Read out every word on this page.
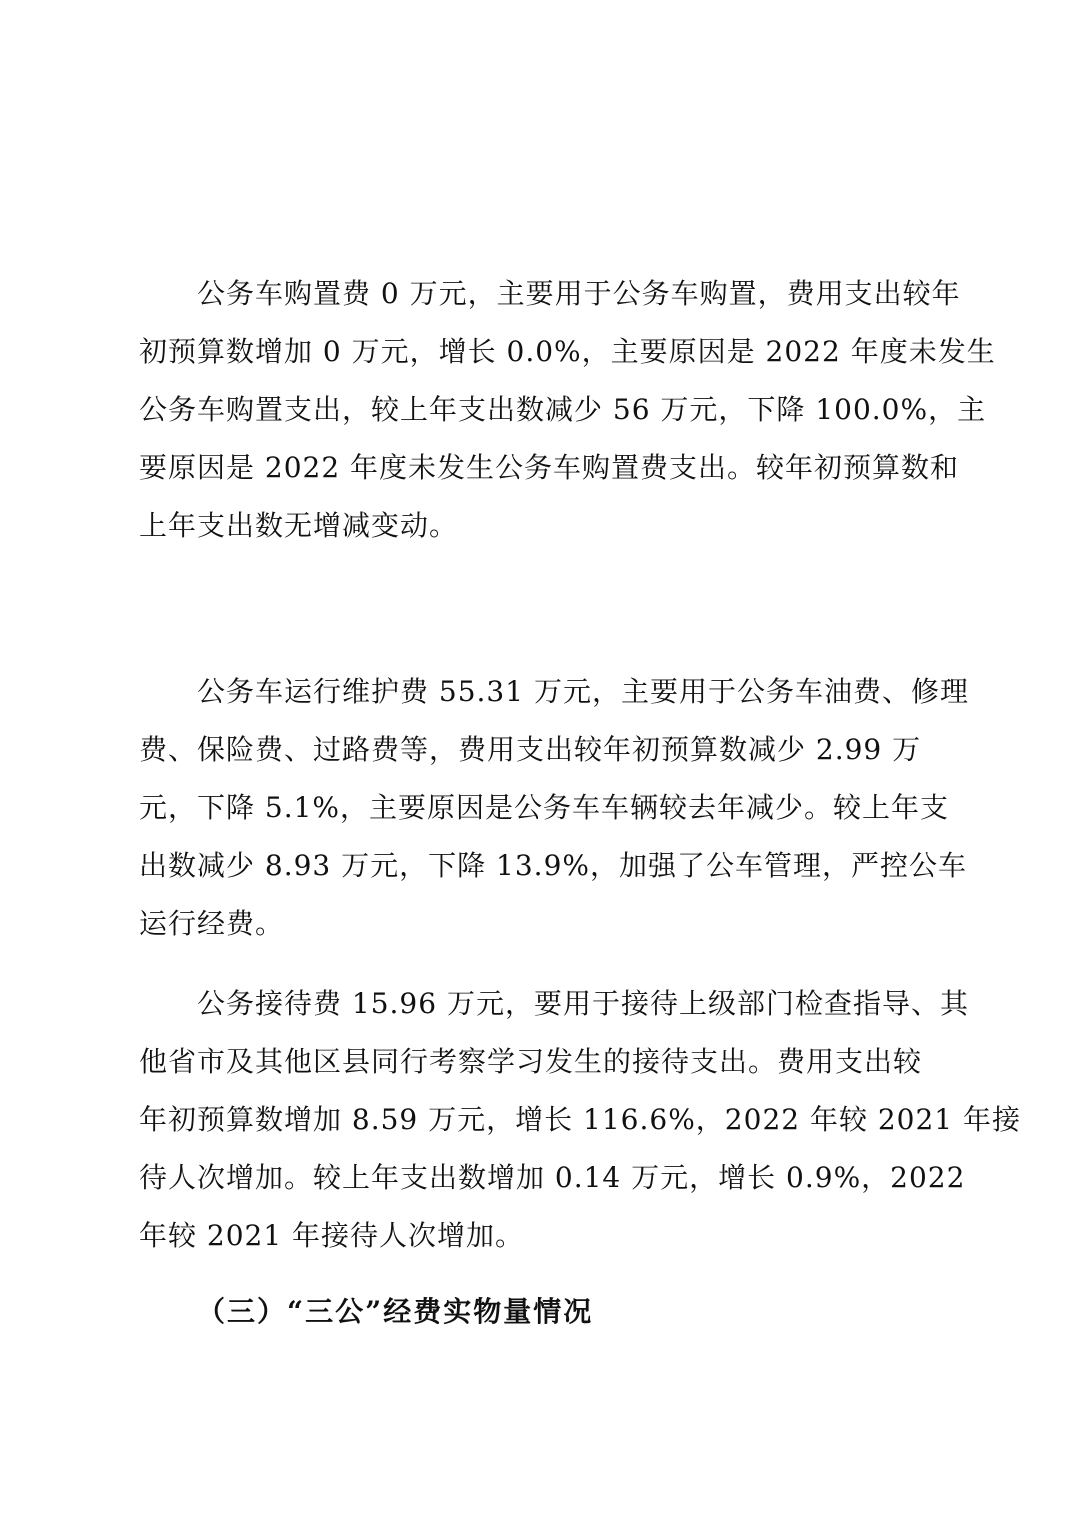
公务车购置费 0 万元，主要用于公务车购置，费用支出较年
初预算数增加 0 万元，增长 0.0%，主要原因是 2022 年度未发生
公务车购置支出，较上年支出数减少 56 万元，下降 100.0%，主
要原因是 2022 年度未发生公务车购置费支出。较年初预算数和
上年支出数无增减变动。
公务车运行维护费 55.31 万元，主要用于公务车油费、修理
费、保险费、过路费等，费用支出较年初预算数减少 2.99 万
元，下降 5.1%，主要原因是公务车车辆较去年减少。较上年支
出数减少 8.93 万元，下降 13.9%，加强了公车管理，严控公车
运行经费。
公务接待费 15.96 万元，要用于接待上级部门检查指导、其
他省市及其他区县同行考察学习发生的接待支出。费用支出较
年初预算数增加 8.59 万元，增长 116.6%，2022 年较 2021 年接
待人次增加。较上年支出数增加 0.14 万元，增长 0.9%，2022
年较 2021 年接待人次增加。
（三）“三公”经费实物量情况
